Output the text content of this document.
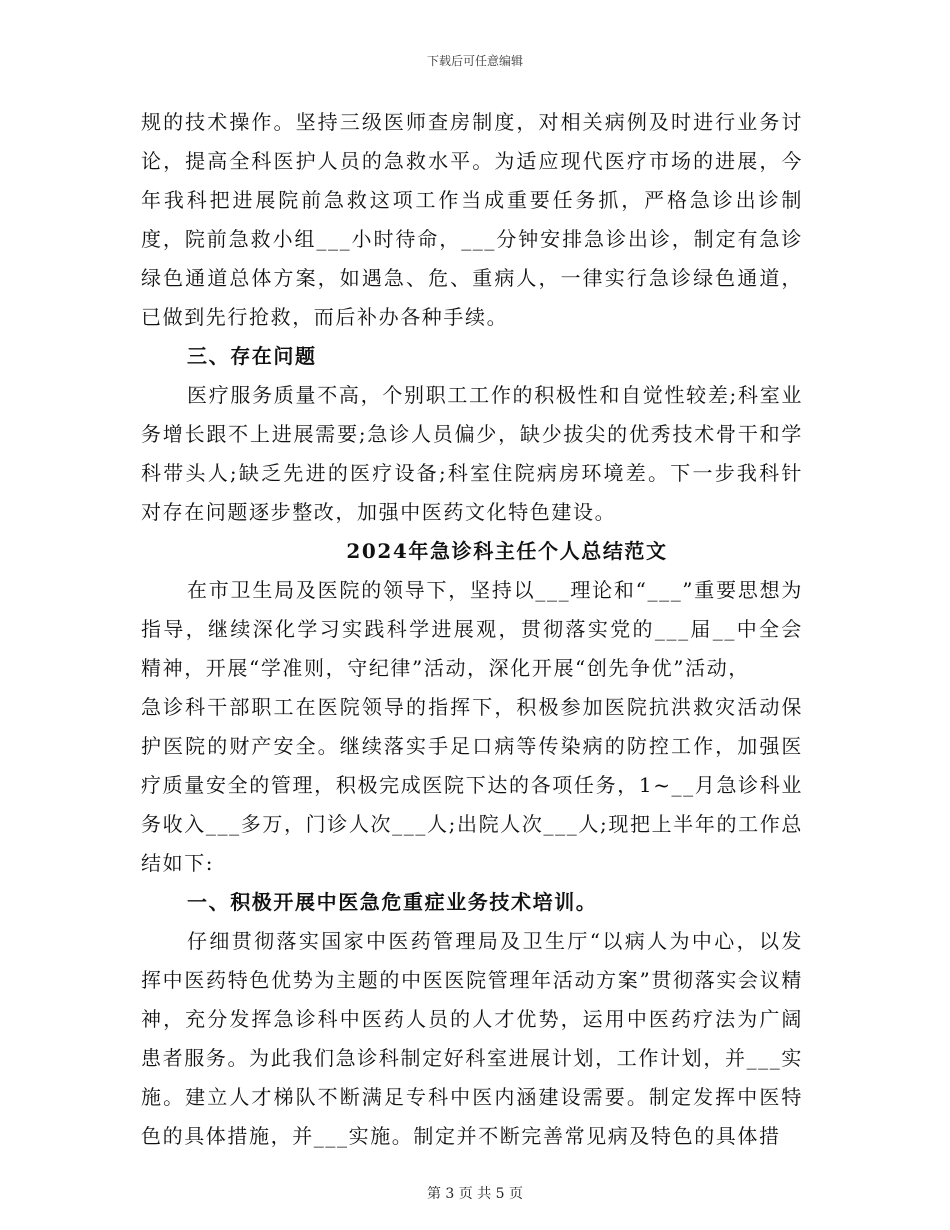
下载后可任意编辑

规的技术操作。坚持三级医师查房制度，对相关病例及时进行业务讨论，提高全科医护人员的急救水平。为适应现代医疗市场的进展，今年我科把进展院前急救这项工作当成重要任务抓，严格急诊出诊制度，院前急救小组___小时待命，___分钟安排急诊出诊，制定有急诊绿色通道总体方案，如遇急、危、重病人，一律实行急诊绿色通道，已做到先行抢救，而后补办各种手续。

三、存在问题

医疗服务质量不高，个别职工工作的积极性和自觉性较差;科室业务增长跟不上进展需要;急诊人员偏少，缺少拔尖的优秀技术骨干和学科带头人;缺乏先进的医疗设备;科室住院病房环境差。下一步我科针对存在问题逐步整改，加强中医药文化特色建设。

2024年急诊科主任个人总结范文

在市卫生局及医院的领导下，坚持以___理论和“___”重要思想为指导，继续深化学习实践科学进展观，贯彻落实党的___届__中全会精神，开展“学准则，守纪律”活动，深化开展“创先争优”活动，

急诊科干部职工在医院领导的指挥下，积极参加医院抗洪救灾活动保护医院的财产安全。继续落实手足口病等传染病的防控工作，加强医疗质量安全的管理，积极完成医院下达的各项任务，1~__月急诊科业务收入___多万，门诊人次___人;出院人次___人;现把上半年的工作总结如下:

一、积极开展中医急危重症业务技术培训。

仔细贯彻落实国家中医药管理局及卫生厅“以病人为中心，以发挥中医药特色优势为主题的中医医院管理年活动方案”贯彻落实会议精神，充分发挥急诊科中医药人员的人才优势，运用中医药疗法为广阔患者服务。为此我们急诊科制定好科室进展计划，工作计划，并___实施。建立人才梯队不断满足专科中医内涵建设需要。制定发挥中医特色的具体措施，并___实施。制定并不断完善常见病及特色的具体措

第 3 页 共 5 页
